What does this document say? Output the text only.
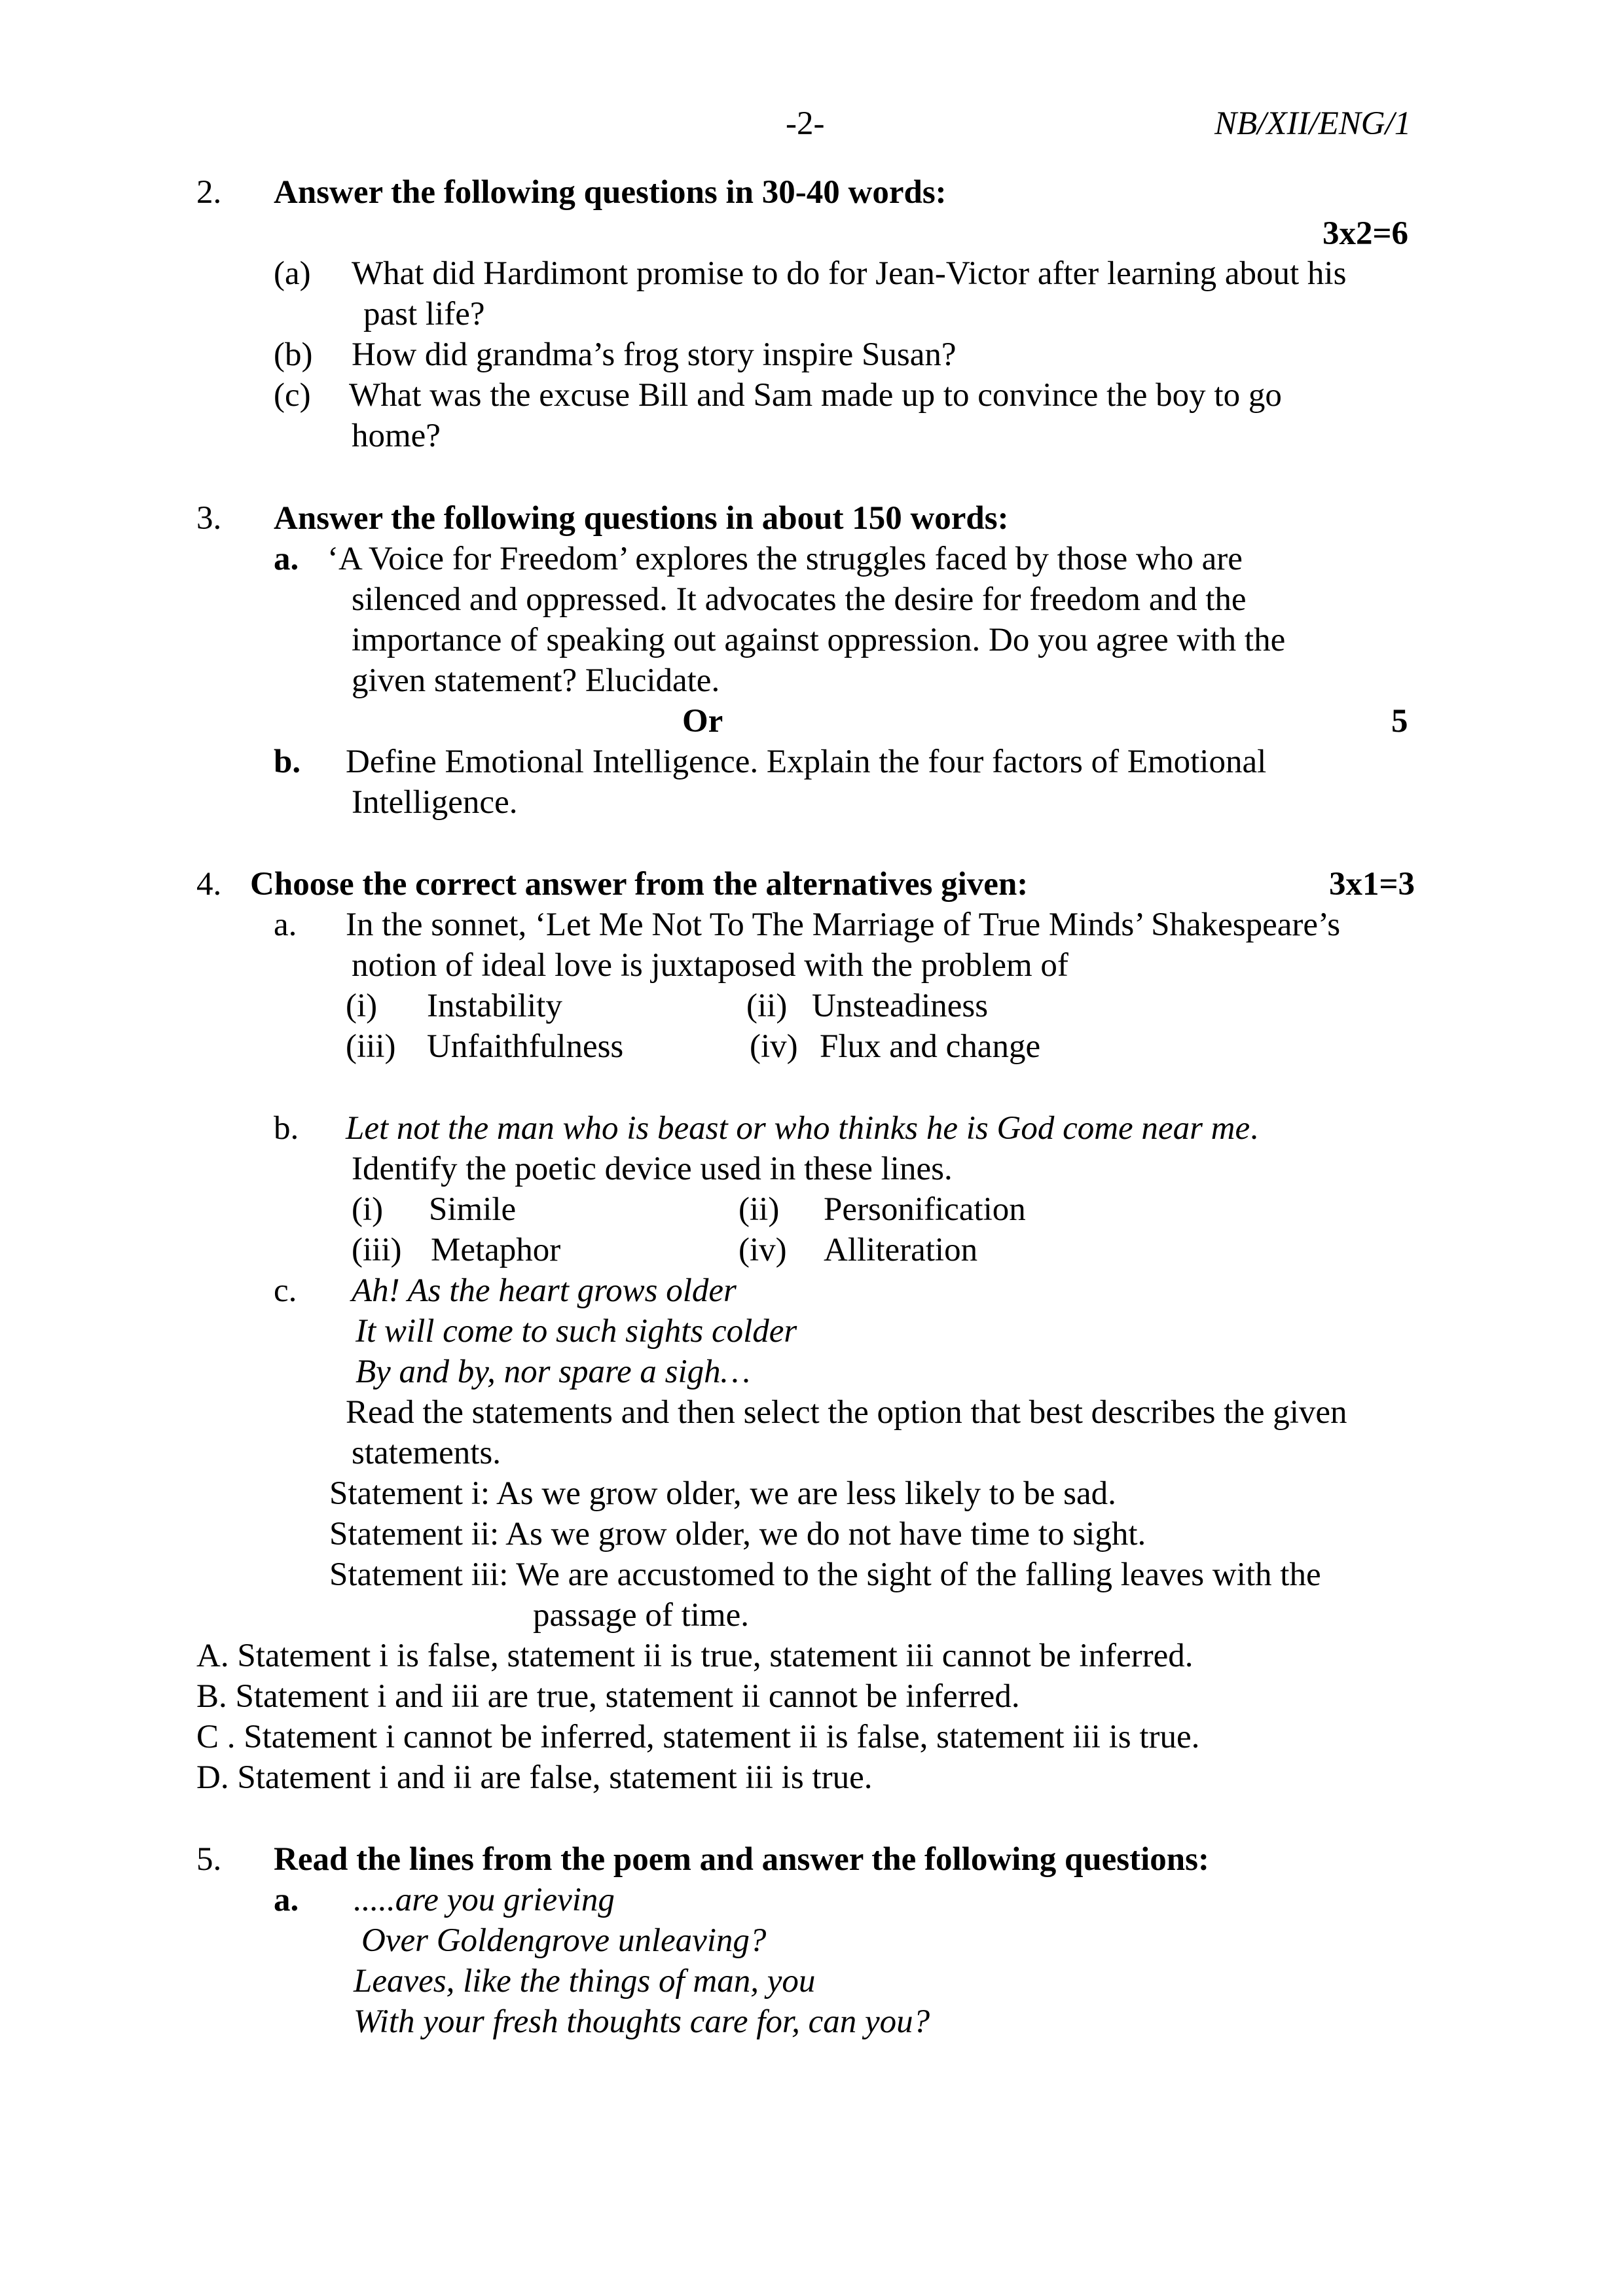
-2-	NB/XII/ENG/1
2. Answer the following questions in 30-40 words:
3x2=6
(a) What did Hardimont promise to do for Jean-Victor after learning about his
past life?
(b) How did grandma’s frog story inspire Susan?
(c) What was the excuse Bill and Sam made up to convince the boy to go
home?
3. Answer the following questions in about 150 words:
a. ‘A Voice for Freedom’ explores the struggles faced by those who are
silenced and oppressed. It advocates the desire for freedom and the
importance of speaking out against oppression. Do you agree with the
given statement? Elucidate.
Or	5
b. Define Emotional Intelligence. Explain the four factors of Emotional
Intelligence.
4. Choose the correct answer from the alternatives given:	3x1=3
a. In the sonnet, ‘Let Me Not To The Marriage of True Minds’ Shakespeare’s
notion of ideal love is juxtaposed with the problem of
(i) Instability	(ii) Unsteadiness
(iii) Unfaithfulness	(iv) Flux and change
b. Let not the man who is beast or who thinks he is God come near me.
Identify the poetic device used in these lines.
(i) Simile	(ii) Personification
(iii) Metaphor	(iv) Alliteration
c. Ah! As the heart grows older
It will come to such sights colder
By and by, nor spare a sigh…
Read the statements and then select the option that best describes the given
statements.
Statement i: As we grow older, we are less likely to be sad.
Statement ii: As we grow older, we do not have time to sight.
Statement iii: We are accustomed to the sight of the falling leaves with the
passage of time.
A. Statement i is false, statement ii is true, statement iii cannot be inferred.
B. Statement i and iii are true, statement ii cannot be inferred.
C . Statement i cannot be inferred, statement ii is false, statement iii is true.
D. Statement i and ii are false, statement iii is true.
5. Read the lines from the poem and answer the following questions:
a. .....are you grieving
Over Goldengrove unleaving?
Leaves, like the things of man, you
With your fresh thoughts care for, can you?
